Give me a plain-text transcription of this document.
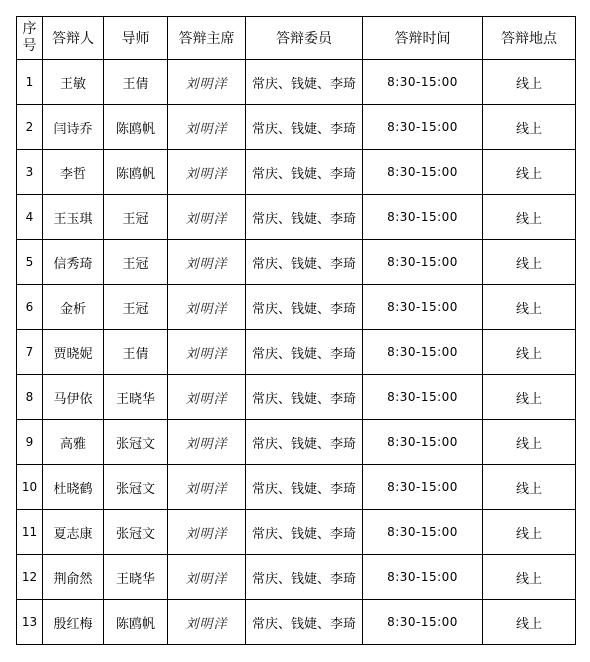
序号	答辩人	导师	答辩主席	答辩委员	答辩时间	答辩地点
1	王敏	王倩	刘明洋	常庆、钱婕、李琦	8:30-15:00	线上
2	闫诗乔	陈鸥帆	刘明洋	常庆、钱婕、李琦	8:30-15:00	线上
3	李哲	陈鸥帆	刘明洋	常庆、钱婕、李琦	8:30-15:00	线上
4	王玉琪	王冠	刘明洋	常庆、钱婕、李琦	8:30-15:00	线上
5	信秀琦	王冠	刘明洋	常庆、钱婕、李琦	8:30-15:00	线上
6	金析	王冠	刘明洋	常庆、钱婕、李琦	8:30-15:00	线上
7	贾晓妮	王倩	刘明洋	常庆、钱婕、李琦	8:30-15:00	线上
8	马伊依	王晓华	刘明洋	常庆、钱婕、李琦	8:30-15:00	线上
9	高雅	张冠文	刘明洋	常庆、钱婕、李琦	8:30-15:00	线上
10	杜晓鹤	张冠文	刘明洋	常庆、钱婕、李琦	8:30-15:00	线上
11	夏志康	张冠文	刘明洋	常庆、钱婕、李琦	8:30-15:00	线上
12	荆俞然	王晓华	刘明洋	常庆、钱婕、李琦	8:30-15:00	线上
13	殷红梅	陈鸥帆	刘明洋	常庆、钱婕、李琦	8:30-15:00	线上
